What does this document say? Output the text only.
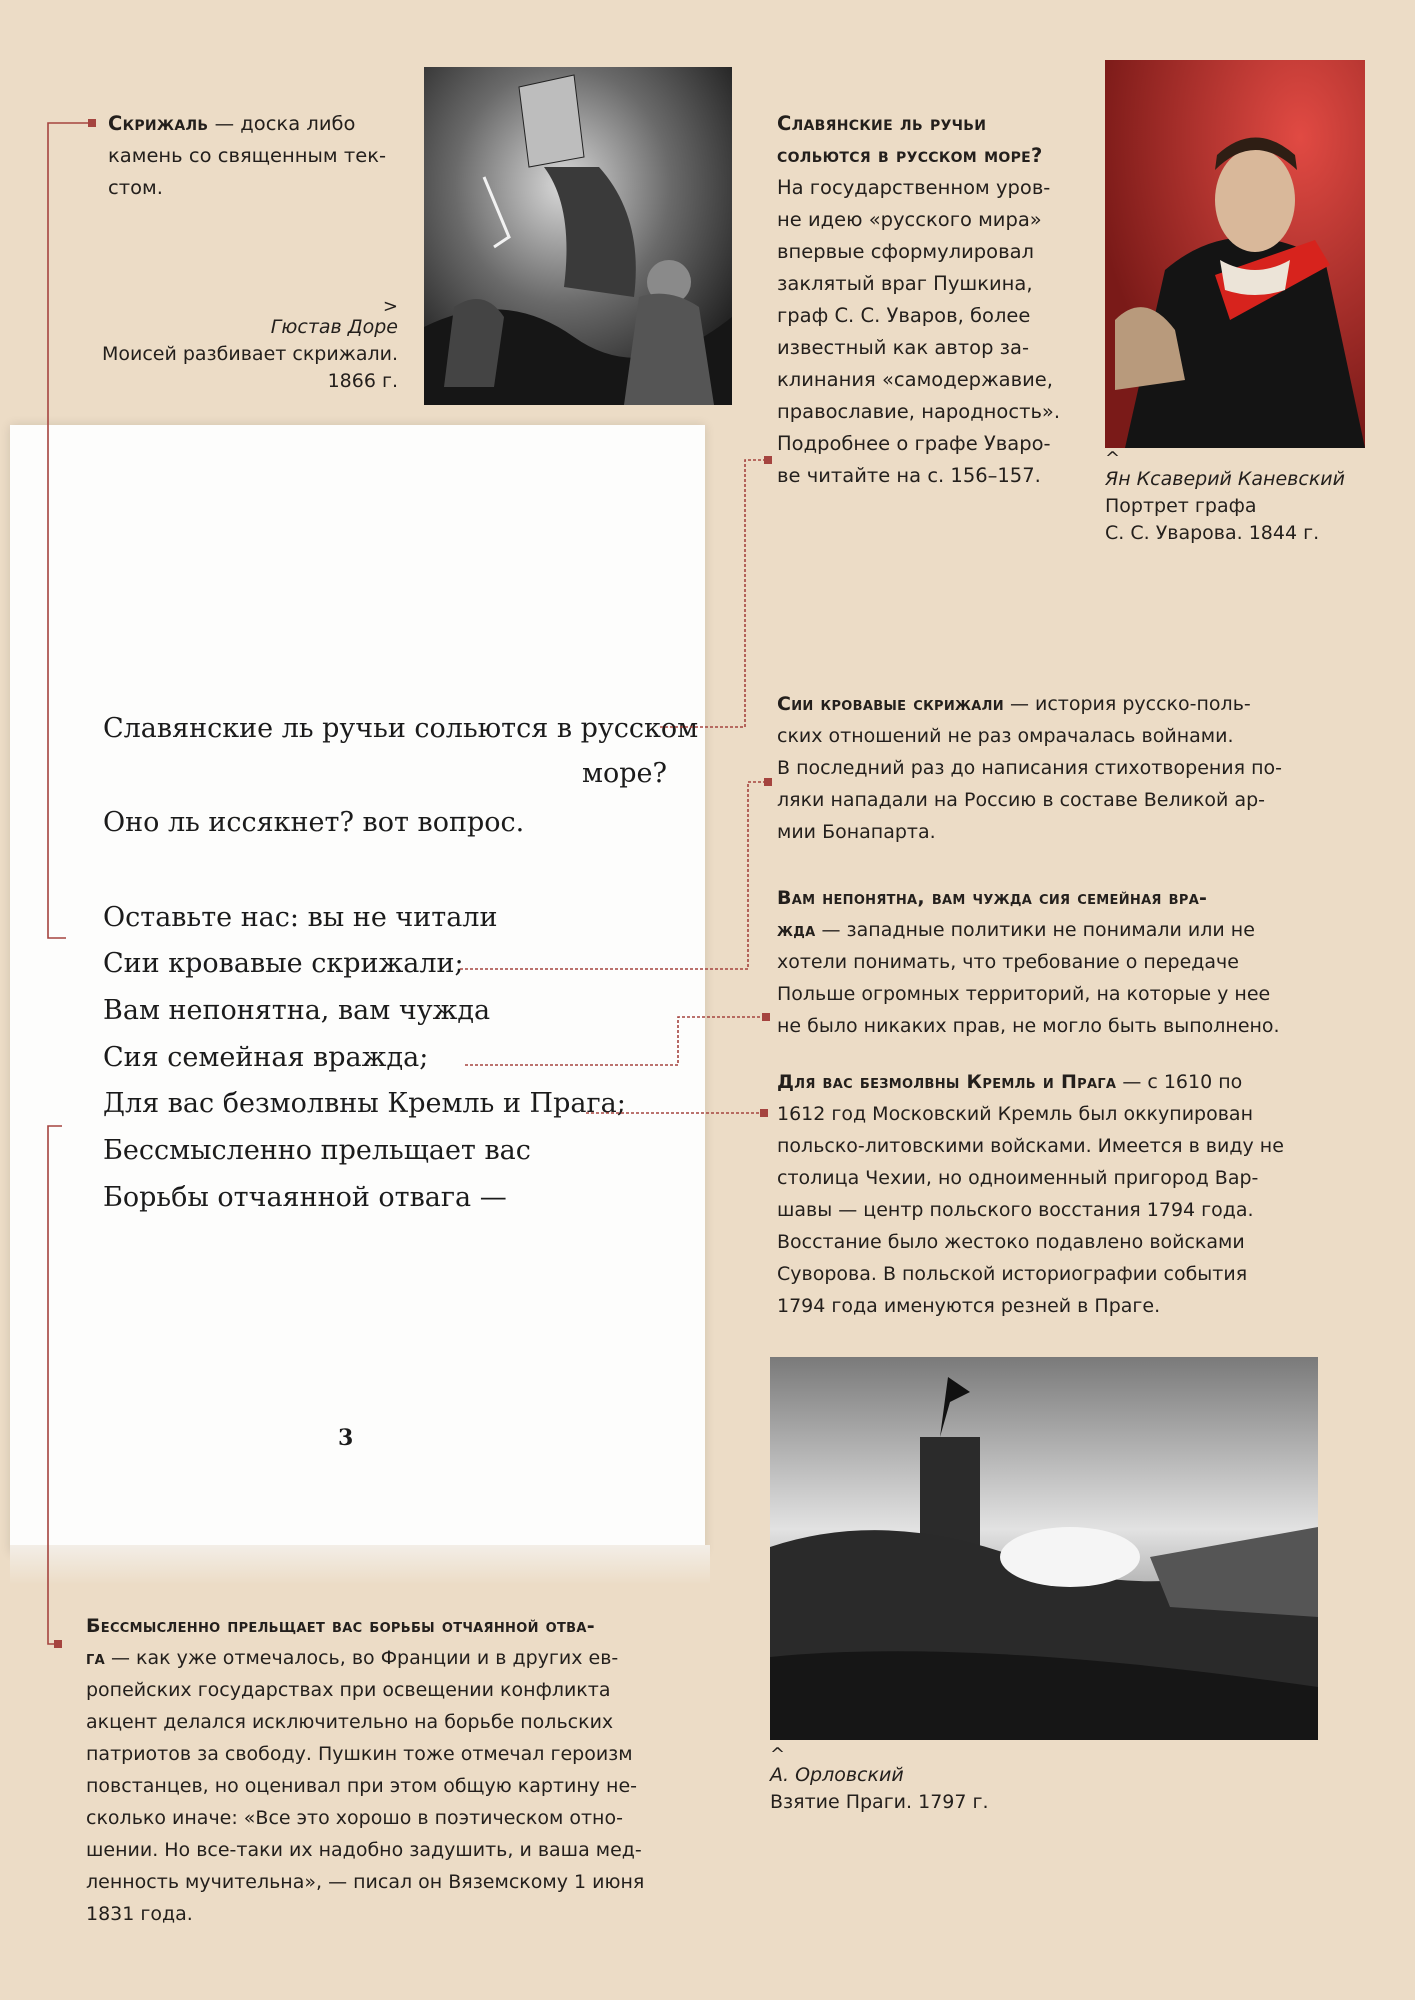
>
Гюстав Доре
Моисей разбивает скрижали.
1866 г.
^
Ян Ксаверий Каневский
Портрет графа
С. С. Уварова. 1844 г.
^
А. Орловский
Взятие Праги. 1797 г.
Скрижаль — доска либо
камень со священным тек-
стом.
Славянские ль ручьи
сольются в русском море?
На государственном уров-
не идею «русского мира»
впервые сформулировал
заклятый враг Пушкина,
граф С. С. Уваров, более
известный как автор за-
клинания «самодержавие,
православие, народность».
Подробнее о графе Уваро-
ве читайте на с. 156–157.
Сии кровавые скрижали — история русско-поль-
ских отношений не раз омрачалась войнами.
В последний раз до написания стихотворения по-
ляки нападали на Россию в составе Великой ар-
мии Бонапарта.
Вам непонятна, вам чужда сия семейная вра-
жда — западные политики не понимали или не
хотели понимать, что требование о передаче
Польше огромных территорий, на которые у нее
не было никаких прав, не могло быть выполнено.
Для вас безмолвны Кремль и Прага — с 1610 по
1612 год Московский Кремль был оккупирован
польско-литовскими войсками. Имеется в виду не
столица Чехии, но одноименный пригород Вар-
шавы — центр польского восстания 1794 года.
Восстание было жестоко подавлено войсками
Суворова. В польской историографии события
1794 года именуются резней в Праге.
Бессмысленно прельщает вас борьбы отчаянной отва-
га — как уже отмечалось, во Франции и в других ев-
ропейских государствах при освещении конфликта
акцент делался исключительно на борьбе польских
патриотов за свободу. Пушкин тоже отмечал героизм
повстанцев, но оценивал при этом общую картину не-
сколько иначе: «Все это хорошо в поэтическом отно-
шении. Но все-таки их надобно задушить, и ваша мед-
ленность мучительна», — писал он Вяземскому 1 июня
1831 года.
Славянские ль ручьи сольются в русском
море?
Оно ль иссякнет? вот вопрос.
Оставьте нас: вы не читали
Сии кровавые скрижали;
Вам непонятна, вам чужда
Сия семейная вражда;
Для вас безмолвны Кремль и Прага;
Бессмысленно прельщает вас
Борьбы отчаянной отвага —
3
